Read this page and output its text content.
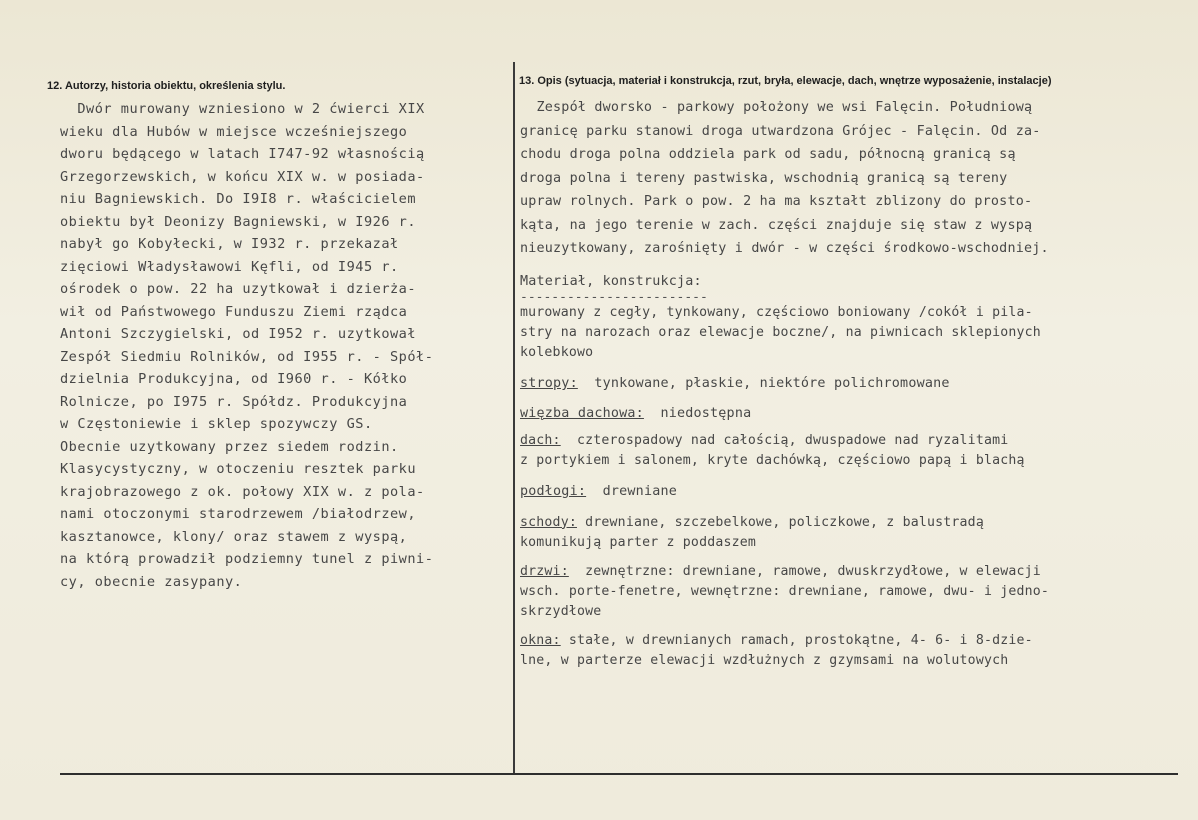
12. Autorzy, historia obiektu, określenia stylu.	13. Opis (sytuacja, materiał i konstrukcja, rzut, bryła, elewacje, dach, wnętrze wyposażenie, instalacje)
Dwór murowany wzniesiono w 2 ćwierci XIX
wieku dla Hubów w miejsce wcześniejszego
dworu będącego w latach I747-92 własnością
Grzegorzewskich, w końcu XIX w. w posiada-
niu Bagniewskich. Do I9I8 r. właścicielem
obiektu był Deonizy Bagniewski, w I926 r.
nabył go Kobyłecki, w I932 r. przekazał
zięciowi Władysławowi Kęfli, od I945 r.
ośrodek o pow. 22 ha uzytkował i dzierża-
wił od Państwowego Funduszu Ziemi rządca
Antoni Szczygielski, od I952 r. uzytkował
Zespół Siedmiu Rolników, od I955 r. - Spół-
dzielnia Produkcyjna, od I960 r. - Kółko
Rolnicze, po I975 r. Spółdz. Produkcyjna
w Częstoniewie i sklep spozywczy GS.
Obecnie uzytkowany przez siedem rodzin.
Klasycystyczny, w otoczeniu resztek parku
krajobrazowego z ok. połowy XIX w. z pola-
nami otoczonymi starodrzewem /białodrzew,
kasztanowce, klony/ oraz stawem z wyspą,
na którą prowadził podziemny tunel z piwni-
cy, obecnie zasypany.
Zespół dworsko - parkowy położony we wsi Falęcin. Południową
granicę parku stanowi droga utwardzona Grójec - Falęcin. Od za-
chodu droga polna oddziela park od sadu, północną granicą są
droga polna i tereny pastwiska, wschodnią granicą są tereny
upraw rolnych. Park o pow. 2 ha ma kształt zblizony do prosto-
kąta, na jego terenie w zach. części znajduje się staw z wyspą
nieuzytkowany, zarośnięty i dwór - w części środkowo-wschodniej.
Materiał, konstrukcja:
------------------------
murowany z cegły, tynkowany, częściowo boniowany /cokół i pila-
stry na narozach oraz elewacje boczne/, na piwnicach sklepionych
kolebkowo
stropy:  tynkowane, płaskie, niektóre polichromowane
więzba dachowa:  niedostępna
dach:  czterospadowy nad całością, dwuspadowe nad ryzalitami
z portykiem i salonem, kryte dachówką, częściowo papą i blachą
podłogi:  drewniane
schody: drewniane, szczebelkowe, policzkowe, z balustradą
komunikują parter z poddaszem
drzwi:  zewnętrzne: drewniane, ramowe, dwuskrzydłowe, w elewacji
wsch. porte-fenetre, wewnętrzne: drewniane, ramowe, dwu- i jedno-
skrzydłowe
okna: stałe, w drewnianych ramach, prostokątne, 4- 6- i 8-dzie-
lne, w parterze elewacji wzdłużnych z gzymsami na wolutowych
